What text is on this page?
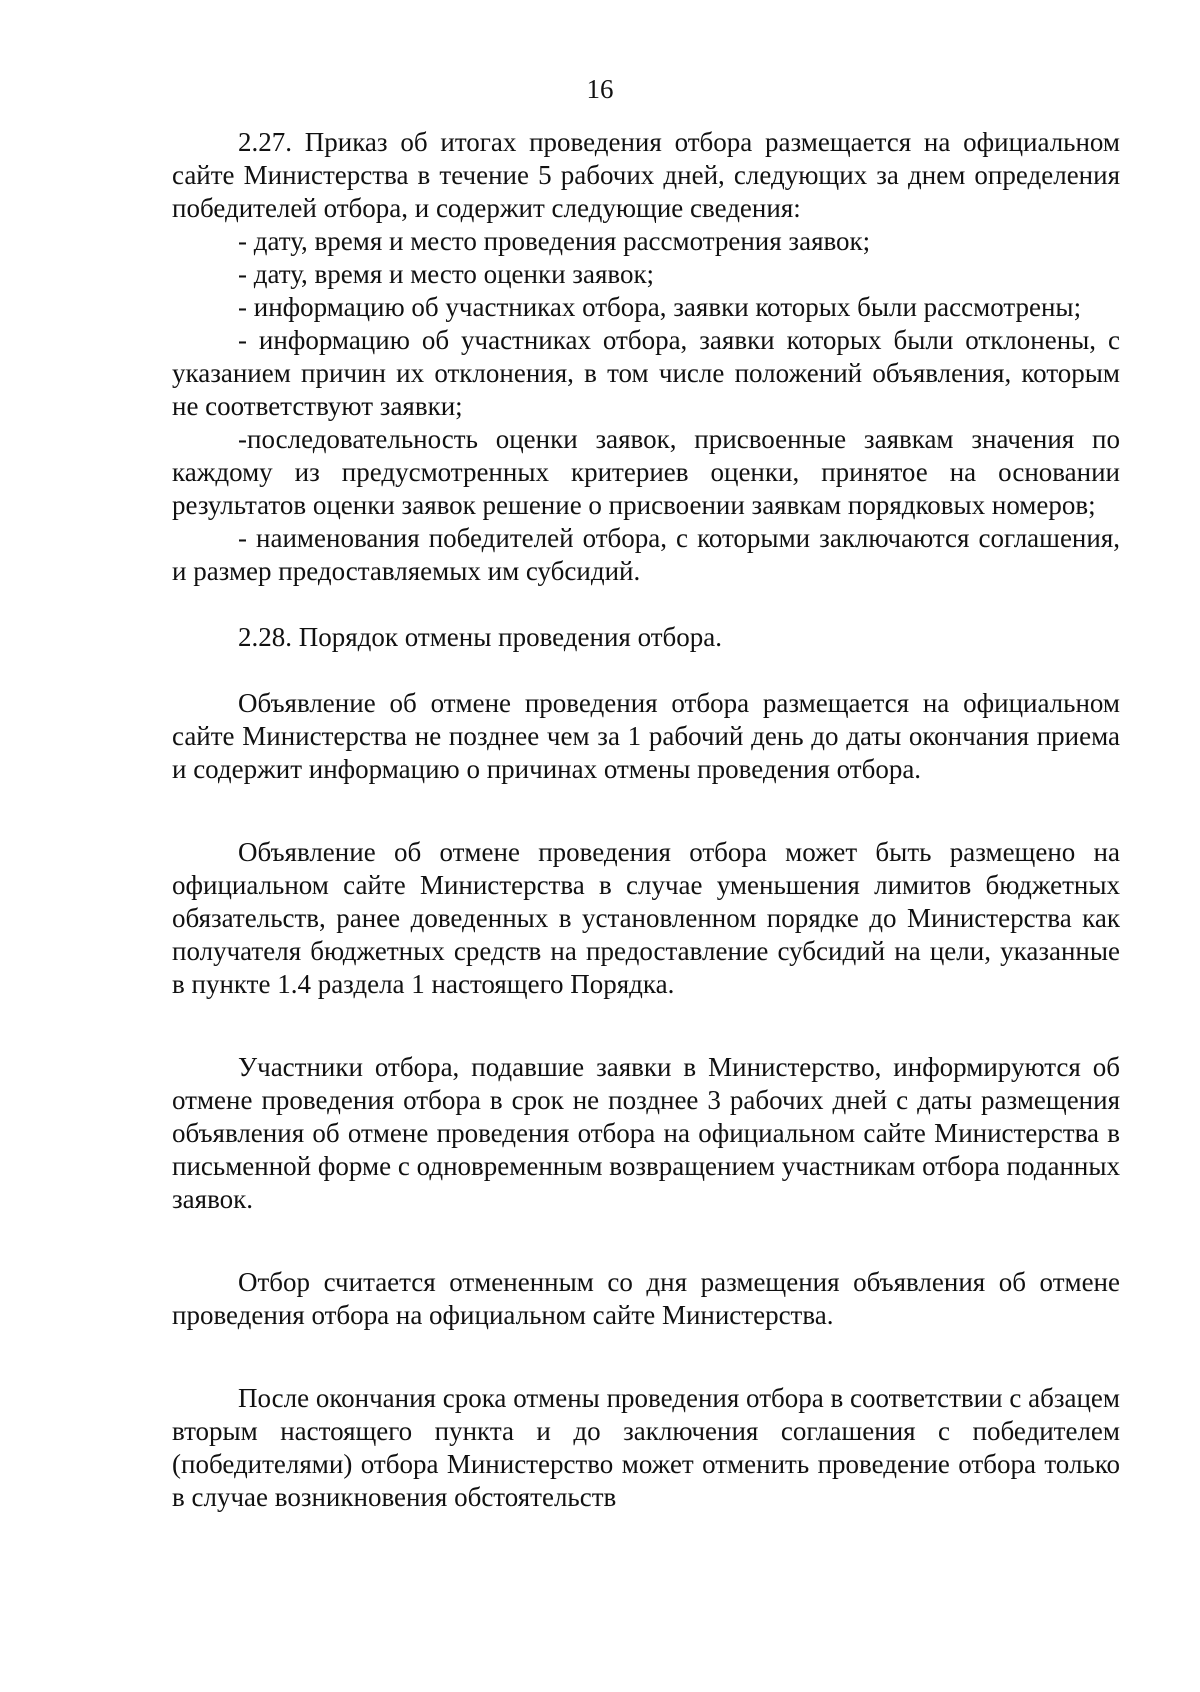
16

2.27. Приказ об итогах проведения отбора размещается на официальном сайте Министерства в течение 5 рабочих дней, следующих за днем определения победителей отбора, и содержит следующие сведения:

- дату, время и место проведения рассмотрения заявок;

- дату, время и место оценки заявок;

- информацию об участниках отбора, заявки которых были рассмотрены;

- информацию об участниках отбора, заявки которых были отклонены, с указанием причин их отклонения, в том числе положений объявления, которым не соответствуют заявки;

-последовательность оценки заявок, присвоенные заявкам значения по каждому из предусмотренных критериев оценки, принятое на основании результатов оценки заявок решение о присвоении заявкам порядковых номеров;

- наименования победителей отбора, с которыми заключаются соглашения, и размер предоставляемых им субсидий.

2.28. Порядок отмены проведения отбора.

Объявление об отмене проведения отбора размещается на официальном сайте Министерства не позднее чем за 1 рабочий день до даты окончания приема и содержит информацию о причинах отмены проведения отбора.

Объявление об отмене проведения отбора может быть размещено на официальном сайте Министерства в случае уменьшения лимитов бюджетных обязательств, ранее доведенных в установленном порядке до Министерства как получателя бюджетных средств на предоставление субсидий на цели, указанные в пункте 1.4 раздела 1 настоящего Порядка.

Участники отбора, подавшие заявки в Министерство, информируются об отмене проведения отбора в срок не позднее 3 рабочих дней с даты размещения объявления об отмене проведения отбора на официальном сайте Министерства в письменной форме с одновременным возвращением участникам отбора поданных заявок.

Отбор считается отмененным со дня размещения объявления об отмене проведения отбора на официальном сайте Министерства.

После окончания срока отмены проведения отбора в соответствии с абзацем вторым настоящего пункта и до заключения соглашения с победителем (победителями) отбора Министерство может отменить проведение отбора только в случае возникновения обстоятельств
